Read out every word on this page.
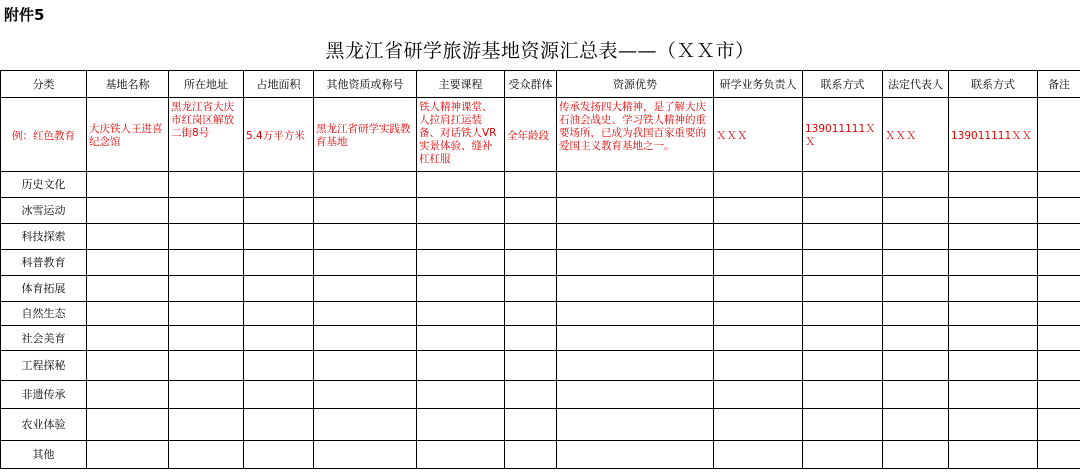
附件5
黑龙江省研学旅游基地资源汇总表——（ＸＸ市）
分类	基地名称	所在地址	占地面积	其他资质或称号	主要课程	受众群体	资源优势	研学业务负责人	联系方式	法定代表人	联系方式	备注
例：红色教育	大庆铁人王进喜纪念馆	黑龙江省大庆市红岗区解放二街8号	5.4万平方米	黑龙江省研学实践教育基地	铁人精神课堂、人拉肩扛运装备、对话铁人VR实景体验、缝补杠杠服	全年龄段	传承发扬四大精神，是了解大庆石油会战史、学习铁人精神的重要场所，已成为我国百家重要的爱国主义教育基地之一。	ＸＸＸ	139011111ＸＸ	ＸＸＸ	139011111ＸＸ	
历史文化												
冰雪运动												
科技探索												
科普教育												
体育拓展												
自然生态												
社会美育												
工程探秘												
非遗传承												
农业体验												
其他												
